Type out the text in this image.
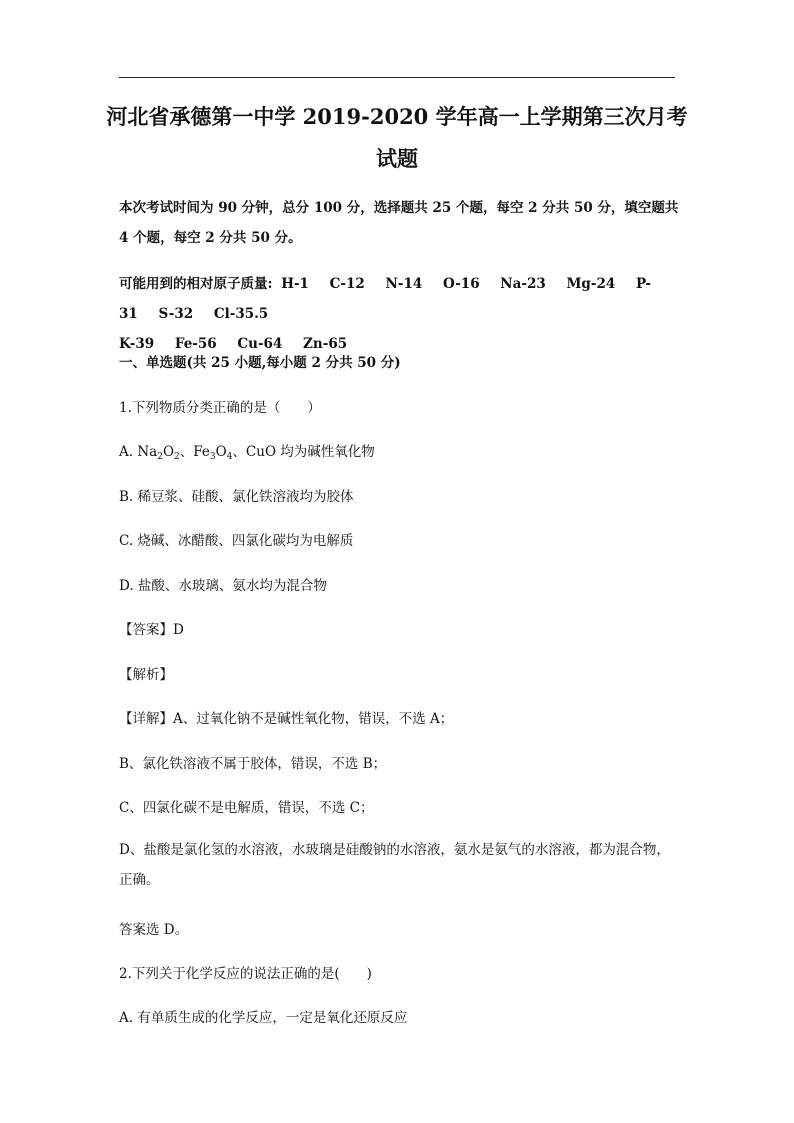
河北省承德第一中学 2019-2020 学年高一上学期第三次月考
试题
本次考试时间为 90 分钟，总分 100 分，选择题共 25 个题，每空 2 分共 50 分，填空题共 4 个题，每空 2 分共 50 分。
可能用到的相对原子质量: H-1 C-12 N-14 O-16 Na-23 Mg-24 P-31 S-32 Cl-35.5
K-39 Fe-56 Cu-64 Zn-65
一、单选题(共 25 小题,每小题 2 分共 50 分)
1.下列物质分类正确的是（　　）
A. $Na_2O_2$、$Fe_3O_4$、CuO 均为碱性氧化物
B. 稀豆浆、硅酸、氯化铁溶液均为胶体
C. 烧碱、冰醋酸、四氯化碳均为电解质
D. 盐酸、水玻璃、氨水均为混合物
【答案】D
【解析】
【详解】A、过氧化钠不是碱性氧化物，错误，不选 A；
B、氯化铁溶液不属于胶体，错误，不选 B；
C、四氯化碳不是电解质，错误，不选 C；
D、盐酸是氯化氢的水溶液，水玻璃是硅酸钠的水溶液，氨水是氨气的水溶液，都为混合物，正确。
答案选 D。
2.下列关于化学反应的说法正确的是(　　)
A. 有单质生成的化学反应，一定是氧化还原反应
